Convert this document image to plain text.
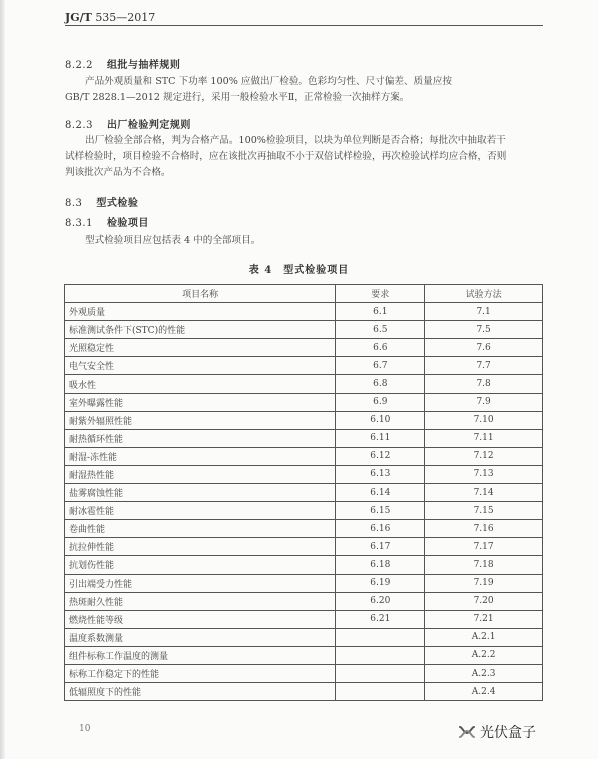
JG/T 535—2017
8.2.2 组批与抽样规则
产品外观质量和 STC 下功率 100% 应做出厂检验。色彩均匀性、尺寸偏差、质量应按
GB/T 2828.1—2012 规定进行，采用一般检验水平Ⅱ，正常检验一次抽样方案。
8.2.3 出厂检验判定规则
出厂检验全部合格，判为合格产品。100%检验项目，以块为单位判断是否合格；每批次中抽取若干
试样检验时，项目检验不合格时，应在该批次再抽取不小于双倍试样检验，再次检验试样均应合格，否则
判该批次产品为不合格。
8.3 型式检验
8.3.1 检验项目
型式检验项目应包括表 4 中的全部项目。
表 4　型式检验项目
项目名称	要求	试验方法
外观质量	6.1	7.1
标准测试条件下(STC)的性能	6.5	7.5
光照稳定性	6.6	7.6
电气安全性	6.7	7.7
吸水性	6.8	7.8
室外曝露性能	6.9	7.9
耐紫外辐照性能	6.10	7.10
耐热循环性能	6.11	7.11
耐湿-冻性能	6.12	7.12
耐湿热性能	6.13	7.13
盐雾腐蚀性能	6.14	7.14
耐冰雹性能	6.15	7.15
卷曲性能	6.16	7.16
抗拉伸性能	6.17	7.17
抗划伤性能	6.18	7.18
引出端受力性能	6.19	7.19
热斑耐久性能	6.20	7.20
燃烧性能等级	6.21	7.21
温度系数测量		A.2.1
组件标称工作温度的测量		A.2.2
标称工作稳定下的性能		A.2.3
低辐照度下的性能		A.2.4
10	光伏盒子
